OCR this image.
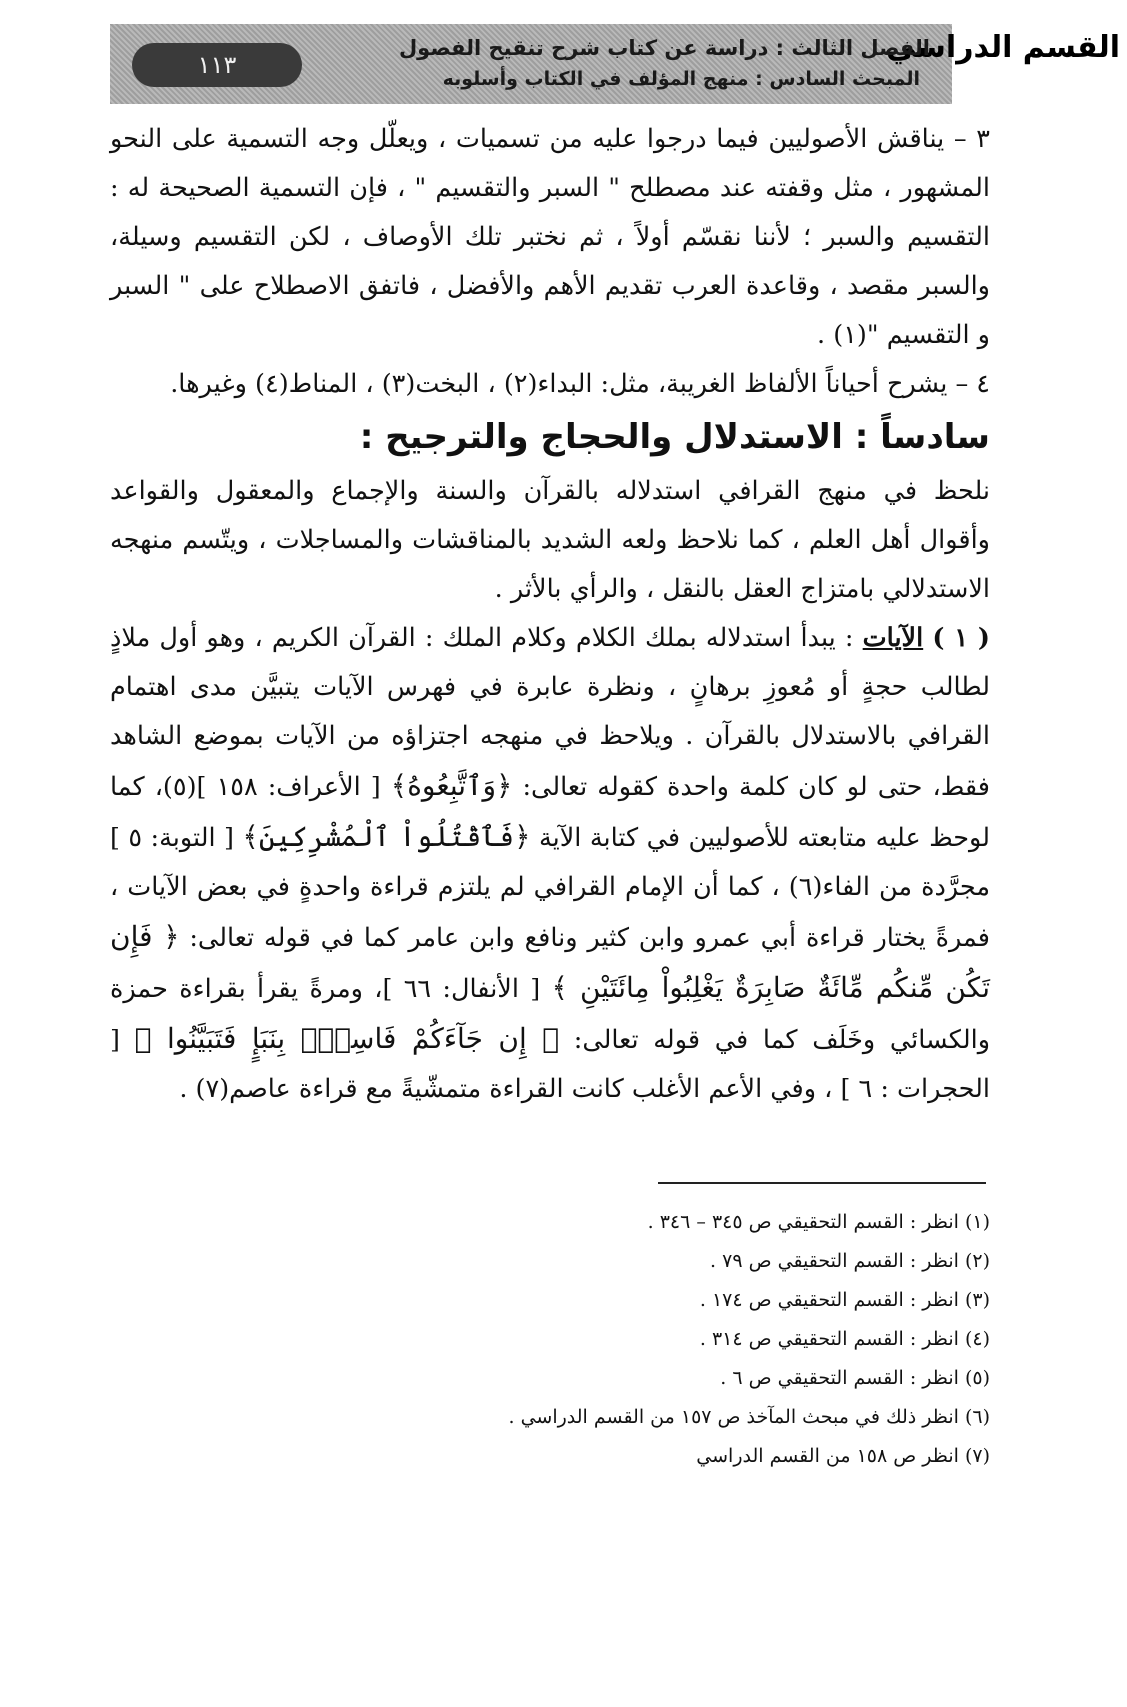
١١٣	القسم الدراسي
الفصل الثالث : دراسة عن كتاب شرح تنقيح الفصول
المبحث السادس : منهج المؤلف في الكتاب وأسلوبه

٣ – يناقش الأصوليين فيما درجوا عليه من تسميات ، ويعلّل وجه التسمية على النحو المشهور ، مثل وقفته عند مصطلح " السبر والتقسيم " ، فإن التسمية الصحيحة له : التقسيم والسبر ؛ لأننا نقسّم أولاً ، ثم نختبر تلك الأوصاف ، لكن التقسيم وسيلة، والسبر مقصد ، وقاعدة العرب تقديم الأهم والأفضل ، فاتفق الاصطلاح على " السبر و التقسيم "(١) .

٤ – يشرح أحياناً الألفاظ الغريبة، مثل: البداء(٢) ، البخت(٣) ، المناط(٤) وغيرها.

سادساً : الاستدلال والحجاج والترجيح :

نلحظ في منهج القرافي استدلاله بالقرآن والسنة والإجماع والمعقول والقواعد وأقوال أهل العلم ، كما نلاحظ ولعه الشديد بالمناقشات والمساجلات ، ويتّسم منهجه الاستدلالي بامتزاج العقل بالنقل ، والرأي بالأثر .

( ١ ) الآيات : يبدأ استدلاله بملك الكلام وكلام الملك : القرآن الكريم ، وهو أول ملاذٍ لطالب حجةٍ أو مُعوزِ برهانٍ ، ونظرة عابرة في فهرس الآيات يتبيَّن مدى اهتمام القرافي بالاستدلال بالقرآن . ويلاحظ في منهجه اجتزاؤه من الآيات بموضع الشاهد فقط، حتى لو كان كلمة واحدة كقوله تعالى: ﴿وَٱتَّبِعُوهُ﴾ [ الأعراف: ١٥٨ ](٥)، كما لوحظ عليه متابعته للأصوليين في كتابة الآية ﴿فَٱقْتُلُواْ ٱلْمُشْرِكِينَ﴾ [ التوبة: ٥ ] مجرَّدة من الفاء(٦) ، كما أن الإمام القرافي لم يلتزم قراءة واحدةٍ في بعض الآيات ، فمرةً يختار قراءة أبي عمرو وابن كثير ونافع وابن عامر كما في قوله تعالى: ﴿ فَإِن تَكُن مِّنكُم مِّائَةٌ صَابِرَةٌ يَغْلِبُواْ مِائَتَيْنِ ﴾ [ الأنفال: ٦٦ ]، ومرةً يقرأ بقراءة حمزة والكسائي وخَلَف كما في قوله تعالى: ﴿ إِن جَآءَكُمْ فَاسِقُۢ بِنَبَإٍ فَتَبَيَّنُوا ﴾ [ الحجرات : ٦ ] ، وفي الأعم الأغلب كانت القراءة متمشّيةً مع قراءة عاصم(٧) .

(١) انظر : القسم التحقيقي ص ٣٤٥ – ٣٤٦ .
(٢) انظر : القسم التحقيقي ص ٧٩ .
(٣) انظر : القسم التحقيقي ص ١٧٤ .
(٤) انظر : القسم التحقيقي ص ٣١٤ .
(٥) انظر : القسم التحقيقي ص ٦ .
(٦) انظر ذلك في مبحث المآخذ ص ١٥٧ من القسم الدراسي .
(٧) انظر ص ١٥٨ من القسم الدراسي
